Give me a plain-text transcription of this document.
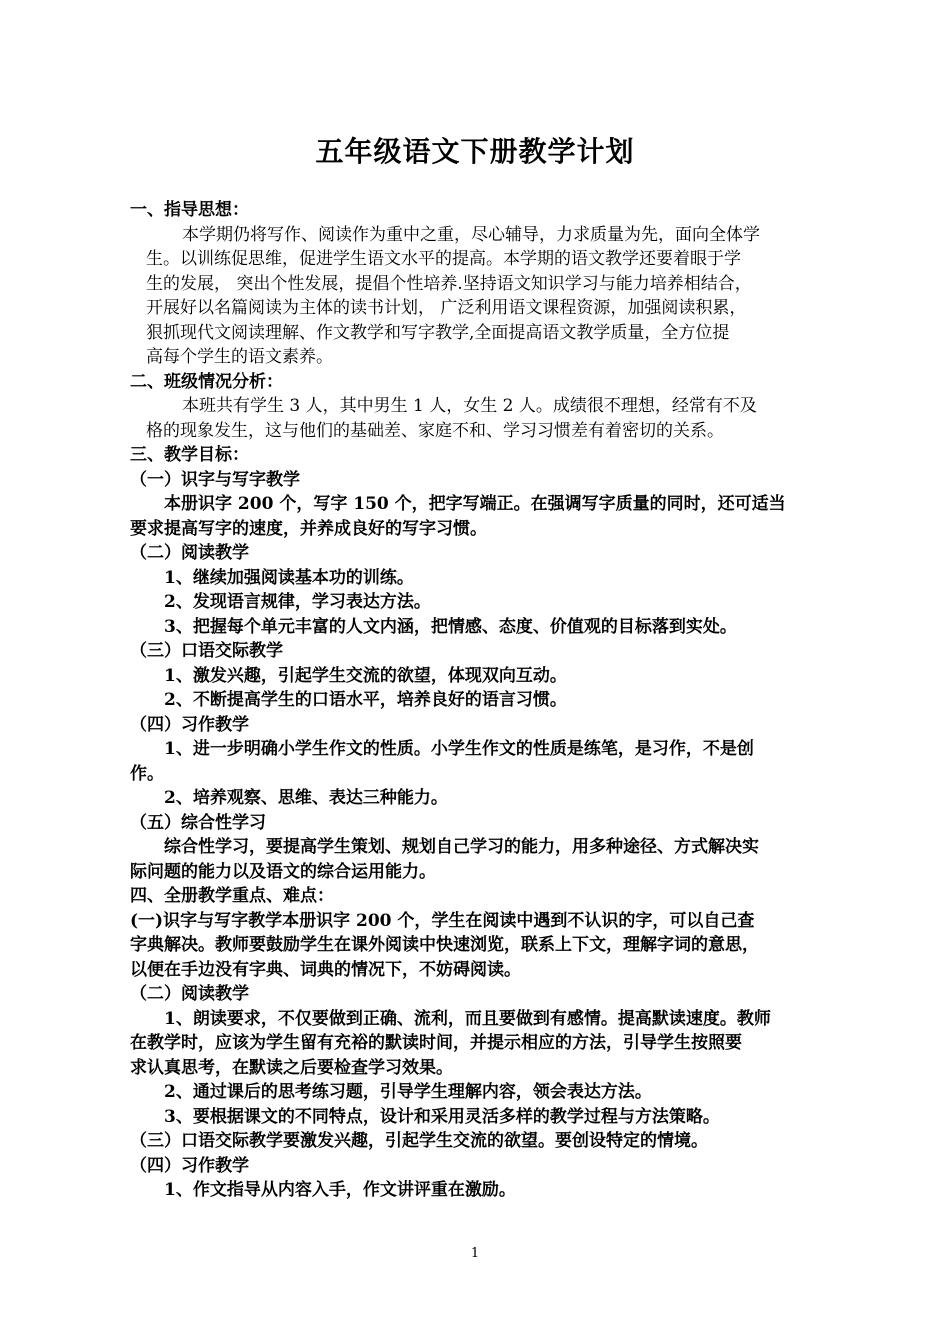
五年级语文下册教学计划
一、指导思想：
本学期仍将写作、阅读作为重中之重，尽心辅导，力求质量为先，面向全体学
生。以训练促思维，促进学生语文水平的提高。本学期的语文教学还要着眼于学
生的发展， 突出个性发展，提倡个性培养.坚持语文知识学习与能力培养相结合，
开展好以名篇阅读为主体的读书计划， 广泛利用语文课程资源，加强阅读积累，
狠抓现代文阅读理解、作文教学和写字教学,全面提高语文教学质量，全方位提
高每个学生的语文素养。
二、班级情况分析：
本班共有学生 3 人，其中男生 1 人，女生 2 人。成绩很不理想，经常有不及
格的现象发生，这与他们的基础差、家庭不和、学习习惯差有着密切的关系。
三、教学目标：
（一）识字与写字教学
本册识字 200 个，写字 150 个，把字写端正。在强调写字质量的同时，还可适当
要求提高写字的速度，并养成良好的写字习惯。
（二）阅读教学
1、继续加强阅读基本功的训练。
2、发现语言规律，学习表达方法。
3、把握每个单元丰富的人文内涵，把情感、态度、价值观的目标落到实处。
（三）口语交际教学
1、激发兴趣，引起学生交流的欲望，体现双向互动。
2、不断提高学生的口语水平，培养良好的语言习惯。
（四）习作教学
1、进一步明确小学生作文的性质。小学生作文的性质是练笔，是习作，不是创
作。
2、培养观察、思维、表达三种能力。
（五）综合性学习
综合性学习，要提高学生策划、规划自己学习的能力，用多种途径、方式解决实
际问题的能力以及语文的综合运用能力。
四、全册教学重点、难点：
(一)识字与写字教学本册识字 200 个，学生在阅读中遇到不认识的字，可以自己查
字典解决。教师要鼓励学生在课外阅读中快速浏览，联系上下文，理解字词的意思，
以便在手边没有字典、词典的情况下，不妨碍阅读。
（二）阅读教学
1、朗读要求，不仅要做到正确、流利，而且要做到有感情。提高默读速度。教师
在教学时，应该为学生留有充裕的默读时间，并提示相应的方法，引导学生按照要
求认真思考，在默读之后要检查学习效果。
2、通过课后的思考练习题，引导学生理解内容，领会表达方法。
3、要根据课文的不同特点，设计和采用灵活多样的教学过程与方法策略。
（三）口语交际教学要激发兴趣，引起学生交流的欲望。要创设特定的情境。
（四）习作教学
1、作文指导从内容入手，作文讲评重在激励。
1
